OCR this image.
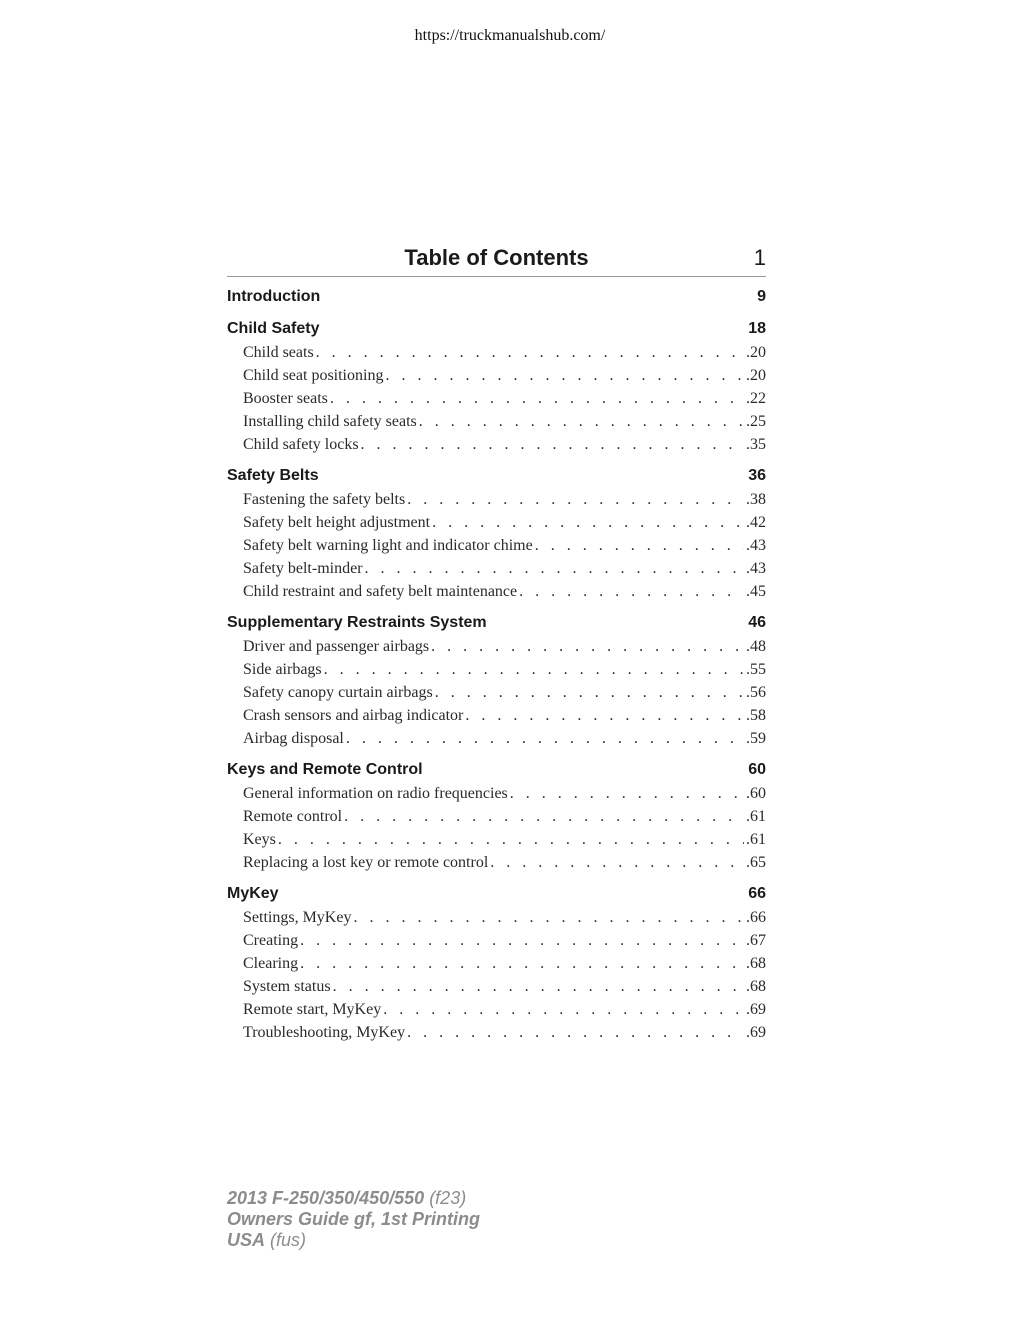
https://truckmanualshub.com/
Table of Contents	1
Introduction	9
Child Safety	18
Child seats . . .	.20
Child seat positioning . . .	.20
Booster seats . . .	.22
Installing child safety seats . . .	.25
Child safety locks . . .	.35
Safety Belts	36
Fastening the safety belts . . .	.38
Safety belt height adjustment . . .	.42
Safety belt warning light and indicator chime . . .	.43
Safety belt-minder . . .	.43
Child restraint and safety belt maintenance . . .	.45
Supplementary Restraints System	46
Driver and passenger airbags . . .	.48
Side airbags . . .	.55
Safety canopy curtain airbags . . .	.56
Crash sensors and airbag indicator . . .	.58
Airbag disposal . . .	.59
Keys and Remote Control	60
General information on radio frequencies . . .	.60
Remote control . . .	.61
Keys . . .	.61
Replacing a lost key or remote control . . .	.65
MyKey	66
Settings, MyKey . . .	.66
Creating . . .	.67
Clearing . . .	.68
System status . . .	.68
Remote start, MyKey . . .	.69
Troubleshooting, MyKey . . .	.69
2013 F-250/350/450/550 (f23)
Owners Guide gf, 1st Printing
USA (fus)
